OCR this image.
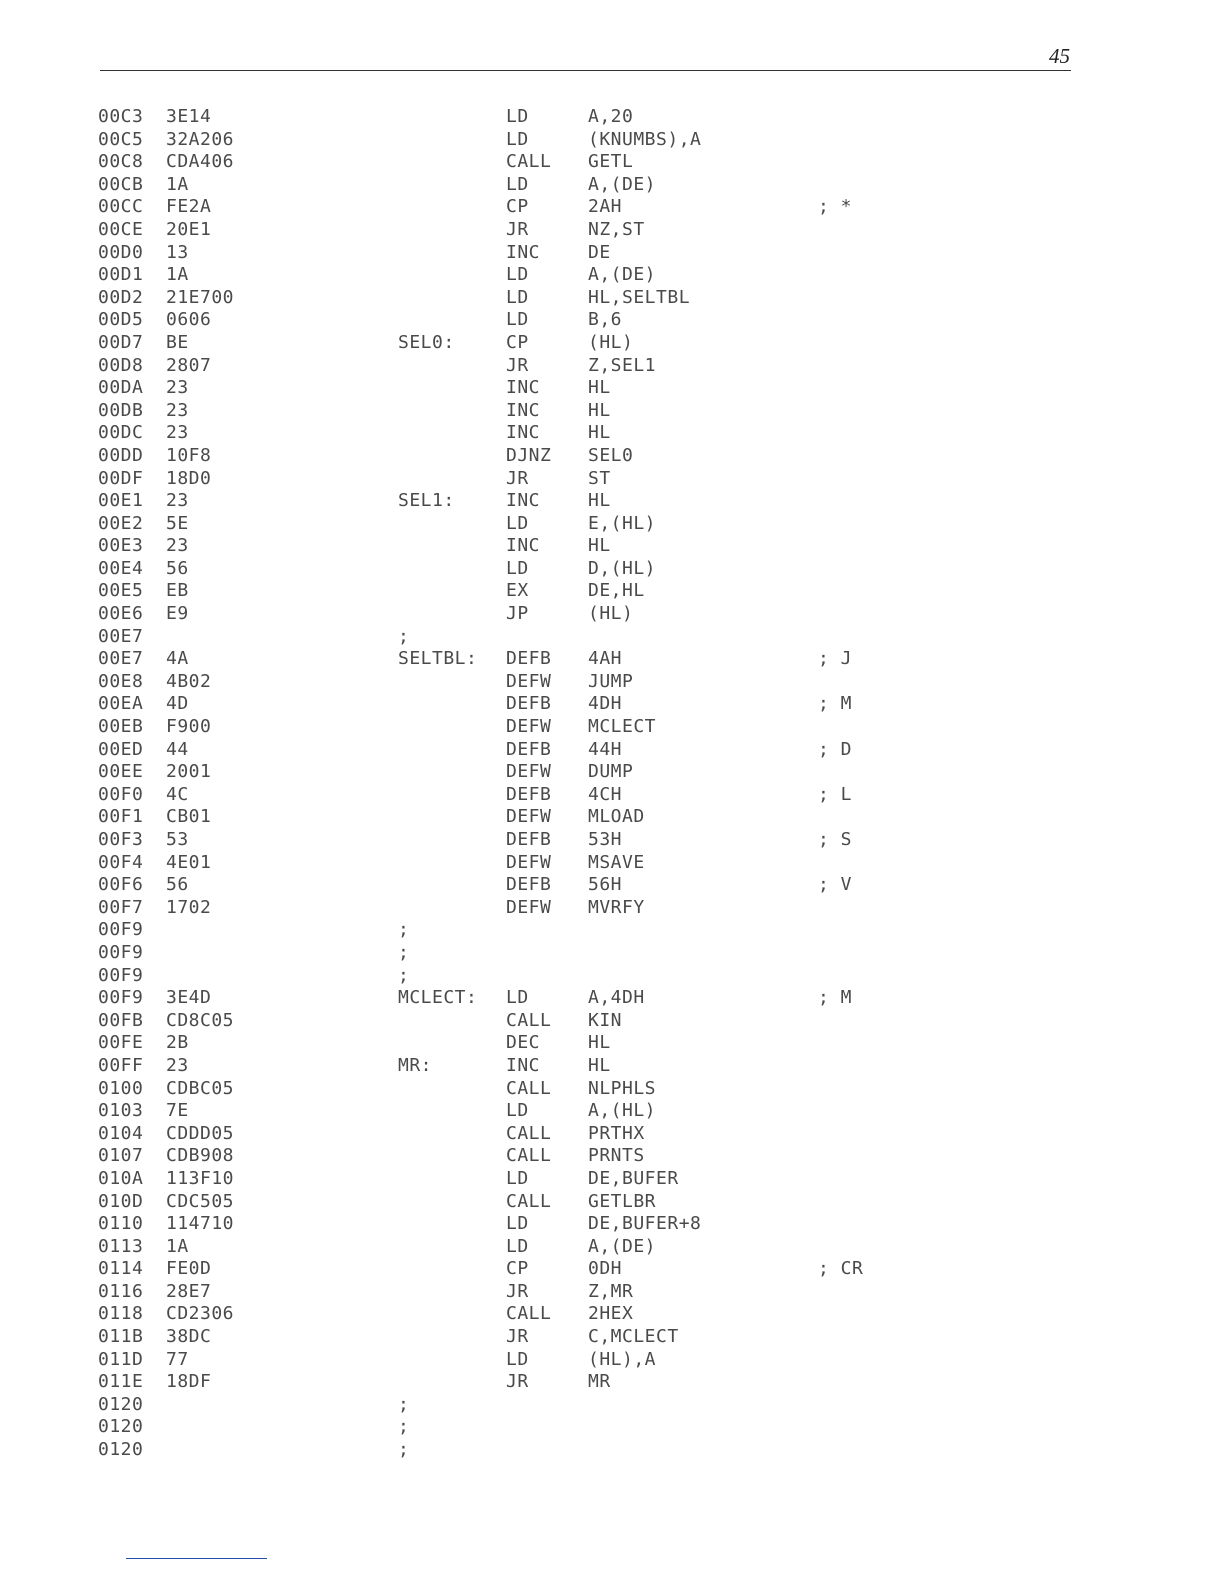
45
00C3 3E14	LD	A,20
00C5 32A206	LD	(KNUMBS),A
00C8 CDA406	CALL GETL
00CB 1A	LD	A,(DE)
00CC FE2A	CP	2AH	; *
00CE 20E1	JR	NZ,ST
00D0 13	INC	DE
00D1 1A	LD	A,(DE)
00D2 21E700	LD	HL,SELTBL
00D5 0606	LD	B,6
00D7 BE	SEL0:	CP	(HL)
00D8 2807	JR	Z,SEL1
00DA 23	INC	HL
00DB 23	INC	HL
00DC 23	INC	HL
00DD 10F8	DJNZ SEL0
00DF 18D0	JR	ST
00E1 23	SEL1:	INC	HL
00E2 5E	LD	E,(HL)
00E3 23	INC	HL
00E4 56	LD	D,(HL)
00E5 EB	EX	DE,HL
00E6 E9	JP	(HL)
00E7	;
00E7 4A	SELTBL: DEFB 4AH	; J
00E8 4B02	DEFW JUMP
00EA 4D	DEFB 4DH	; M
00EB F900	DEFW MCLECT
00ED 44	DEFB 44H	; D
00EE 2001	DEFW DUMP
00F0 4C	DEFB 4CH	; L
00F1 CB01	DEFW MLOAD
00F3 53	DEFB 53H	; S
00F4 4E01	DEFW MSAVE
00F6 56	DEFB 56H	; V
00F7 1702	DEFW MVRFY
00F9	;
00F9	;
00F9	;
00F9 3E4D	MCLECT: LD	A,4DH	; M
00FB CD8C05	CALL KIN
00FE 2B	DEC	HL
00FF 23	MR:	INC	HL
0100 CDBC05	CALL NLPHLS
0103 7E	LD	A,(HL)
0104 CDDD05	CALL PRTHX
0107 CDB908	CALL PRNTS
010A 113F10	LD	DE,BUFER
010D CDC505	CALL GETLBR
0110 114710	LD	DE,BUFER+8
0113 1A	LD	A,(DE)
0114 FE0D	CP	0DH	; CR
0116 28E7	JR	Z,MR
0118 CD2306	CALL 2HEX
011B 38DC	JR	C,MCLECT
011D 77	LD	(HL),A
011E 18DF	JR	MR
0120	;
0120	;
0120	;
